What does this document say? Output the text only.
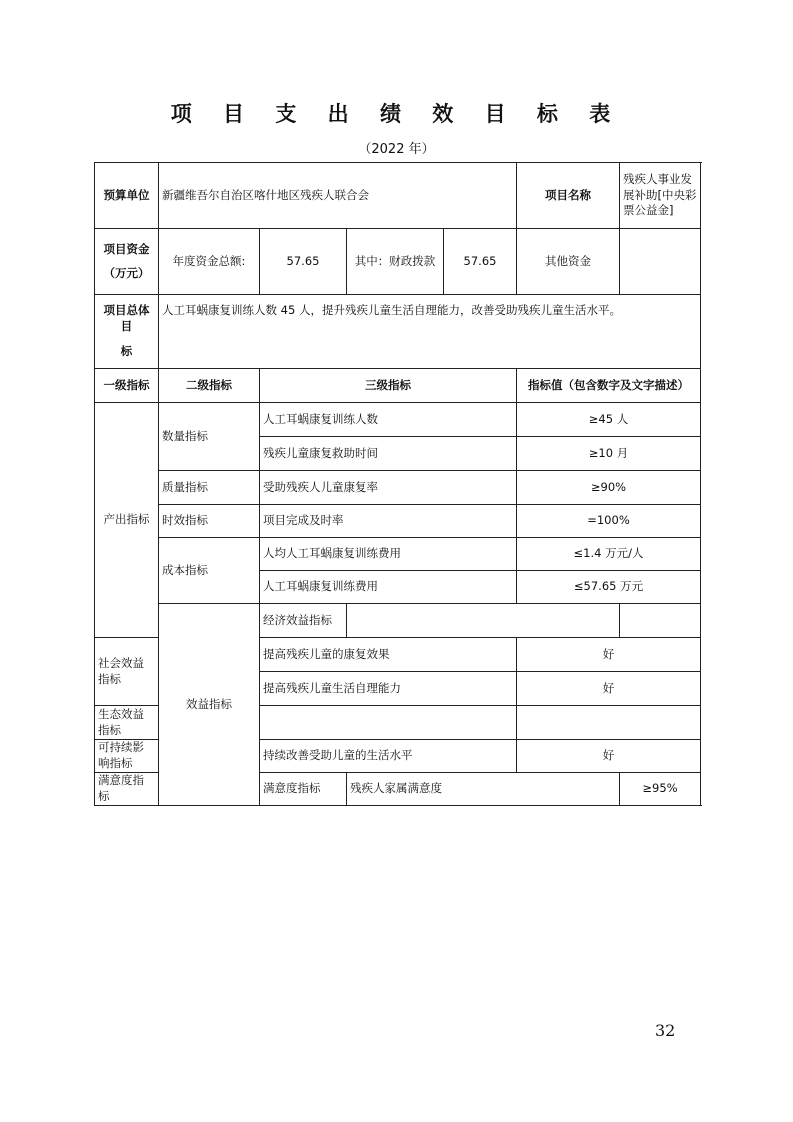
项 目 支 出 绩 效 目 标 表
（2022 年）
预算单位	新疆维吾尔自治区喀什地区残疾人联合会				项目名称	残疾人事业发展补助[中央彩票公益金]

项目资金
（万元）	年度资金总额:	57.65	其中：财政拨款	57.65	其他资金	

项目总体目
标	人工耳蜗康复训练人数 45 人，提升残疾儿童生活自理能力，改善受助残疾儿童生活水平。					
一级指标	二级指标	三级指标			指标值（包含数字及文字描述）	
产出指标	数量指标	人工耳蜗康复训练人数			≥45 人	
		残疾儿童康复救助时间			≥10 月	
	质量指标	受助残疾人儿童康复率			≥90%	
	时效指标	项目完成及时率			=100%	
	成本指标	人均人工耳蜗康复训练费用			≤1.4 万元/人	
		人工耳蜗康复训练费用			≤57.65 万元	
	效益指标	经济效益指标				
社会效益指标		提高残疾儿童的康复效果			好	
		提高残疾儿童生活自理能力			好	
生态效益指标						
可持续影响指标		持续改善受助儿童的生活水平			好	
满意度指标		满意度指标	残疾人家属满意度			≥95%
32
